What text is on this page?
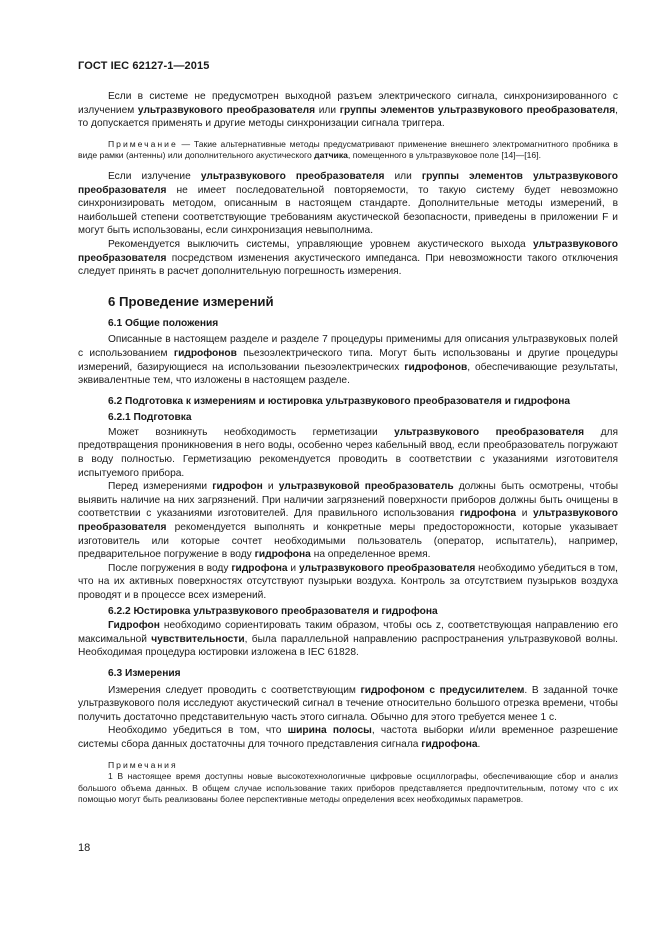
ГОСТ IEC 62127-1—2015

Если в системе не предусмотрен выходной разъем электрического сигнала, синхронизированного с излучением ультразвукового преобразователя или группы элементов ультразвукового преобразователя, то допускается применять и другие методы синхронизации сигнала триггера.

Примечание — Такие альтернативные методы предусматривают применение внешнего электромагнитного пробника в виде рамки (антенны) или дополнительного акустического датчика, помещенного в ультразвуковое поле [14]—[16].

Если излучение ультразвукового преобразователя или группы элементов ультразвукового преобразователя не имеет последовательной повторяемости, то такую систему будет невозможно синхронизировать методом, описанным в настоящем стандарте. Дополнительные методы измерений, в наибольшей степени соответствующие требованиям акустической безопасности, приведены в приложении F и могут быть использованы, если синхронизация невыполнима.

Рекомендуется выключить системы, управляющие уровнем акустического выхода ультразвукового преобразователя посредством изменения акустического импеданса. При невозможности такого отключения следует принять в расчет дополнительную погрешность измерения.

6 Проведение измерений
6.1 Общие положения

Описанные в настоящем разделе и разделе 7 процедуры применимы для описания ультразвуковых полей с использованием гидрофонов пьезоэлектрического типа. Могут быть использованы и другие процедуры измерений, базирующиеся на использовании пьезоэлектрических гидрофонов, обеспечивающие результаты, эквивалентные тем, что изложены в настоящем разделе.

6.2 Подготовка к измерениям и юстировка ультразвукового преобразователя и гидрофона
6.2.1 Подготовка

Может возникнуть необходимость герметизации ультразвукового преобразователя для предотвращения проникновения в него воды, особенно через кабельный ввод, если преобразователь погружают в воду полностью. Герметизацию рекомендуется проводить в соответствии с указаниями изготовителя испытуемого прибора.

Перед измерениями гидрофон и ультразвуковой преобразователь должны быть осмотрены, чтобы выявить наличие на них загрязнений. При наличии загрязнений поверхности приборов должны быть очищены в соответствии с указаниями изготовителей. Для правильного использования гидрофона и ультразвукового преобразователя рекомендуется выполнять и конкретные меры предосторожности, которые указывает изготовитель или которые сочтет необходимыми пользователь (оператор, испытатель), например, предварительное погружение в воду гидрофона на определенное время.

После погружения в воду гидрофона и ультразвукового преобразователя необходимо убедиться в том, что на их активных поверхностях отсутствуют пузырьки воздуха. Контроль за отсутствием пузырьков воздуха проводят и в процессе всех измерений.

6.2.2 Юстировка ультразвукового преобразователя и гидрофона

Гидрофон необходимо сориентировать таким образом, чтобы ось z, соответствующая направлению его максимальной чувствительности, была параллельной направлению распространения ультразвуковой волны. Необходимая процедура юстировки изложена в IEC 61828.

6.3 Измерения

Измерения следует проводить с соответствующим гидрофоном с предусилителем. В заданной точке ультразвукового поля исследуют акустический сигнал в течение относительно большого отрезка времени, чтобы получить достаточно представительную часть этого сигнала. Обычно для этого требуется менее 1 с.

Необходимо убедиться в том, что ширина полосы, частота выборки и/или временное разрешение системы сбора данных достаточны для точного представления сигнала гидрофона.

Примечания

1 В настоящее время доступны новые высокотехнологичные цифровые осциллографы, обеспечивающие сбор и анализ большого объема данных. В общем случае использование таких приборов представляется предпочтительным, потому что с их помощью могут быть реализованы более перспективные методы определения всех необходимых параметров.

18
